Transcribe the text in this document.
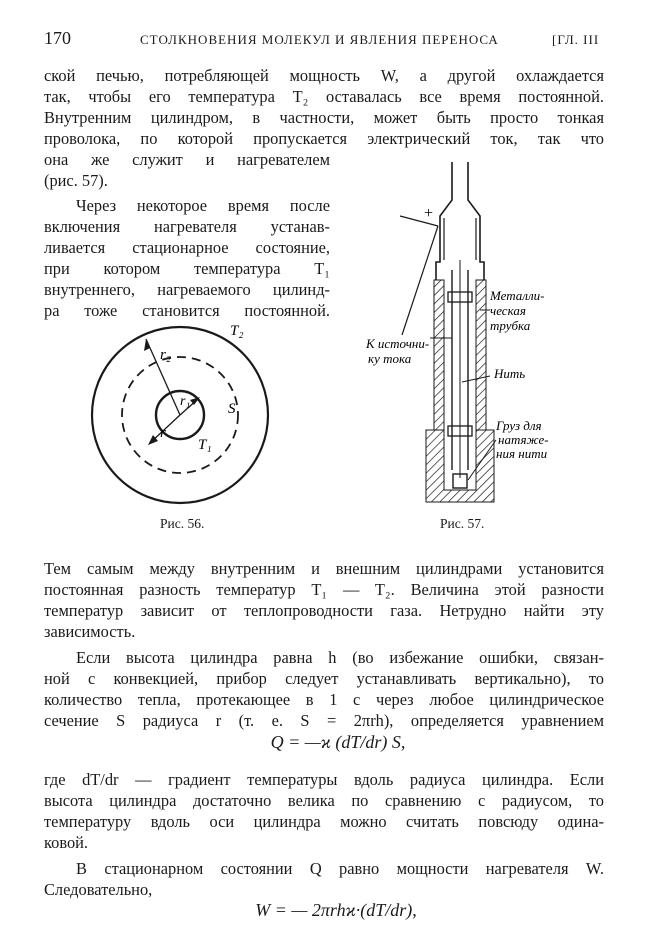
170	СТОЛКНОВЕНИЯ МОЛЕКУЛ И ЯВЛЕНИЯ ПЕРЕНОСА	[ГЛ. III
ской печью, потребляющей мощность W, а другой охлаждается
так, чтобы его температура T₂ оставалась все время постоянной.
Внутренним цилиндром, в частности, может быть просто тонкая
проволока, по которой пропускается электрический ток, так что
она же служит и нагревателем
(рис. 57).
Через некоторое время после
включения нагревателя устанав-
ливается стационарное состояние,
при котором температура T₁
внутреннего, нагреваемого цилинд-
ра тоже становится постоянной.
T₂
r₂
r₁	S
r
T₁
Рис. 56.
+
Металли-
ческая
трубка
К источни-
ку тока
Нить
Груз для
натяже-
ния нити
Рис. 57.
Тем самым между внутренним и внешним цилиндрами установится
постоянная разность температур T₁ — T₂. Величина этой разности
температур зависит от теплопроводности газа. Нетрудно найти эту
зависимость.
Если высота цилиндра равна h (во избежание ошибки, связан-
ной с конвекцией, прибор следует устанавливать вертикально), то
количество тепла, протекающее в 1 с через любое цилиндрическое
сечение S радиуса r (т. е. S = 2πrh), определяется уравнением
Q = —ϰ (dT/dr) S,
где dT/dr — градиент температуры вдоль радиуса цилиндра. Если
высота цилиндра достаточно велика по сравнению с радиусом, то
температуру вдоль оси цилиндра можно считать повсюду одина-
ковой.
В стационарном состоянии Q равно мощности нагревателя W.
Следовательно,
W = — 2πrhϰ·(dT/dr),
